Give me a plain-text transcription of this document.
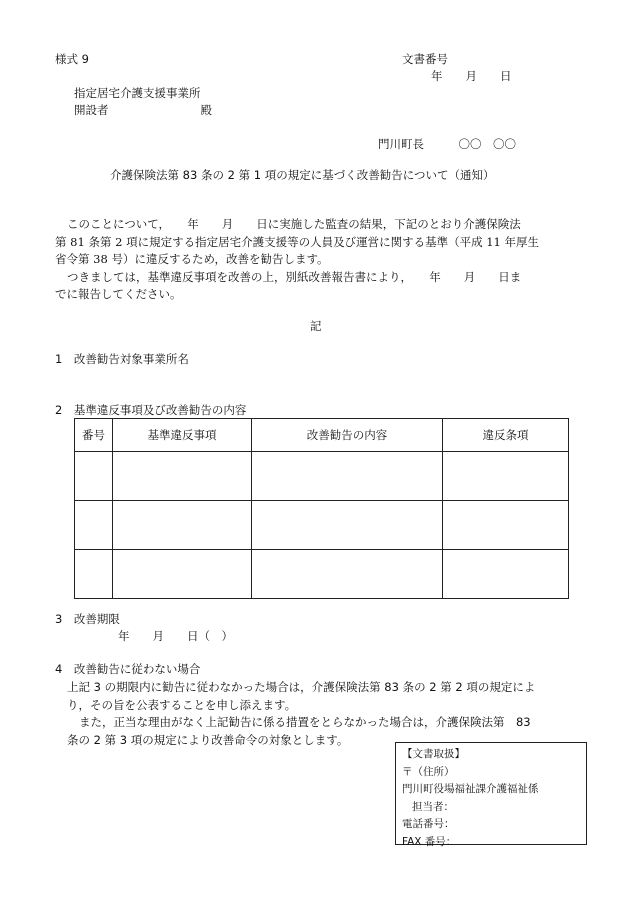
様式 9	文書番号
年　　月　　日
指定居宅介護支援事業所
開設者　　　　　　　　殿
門川町長　　　〇〇　〇〇
介護保険法第 83 条の 2 第 1 項の規定に基づく改善勧告について（通知）
このことについて，　　年　　月　　日に実施した監査の結果，下記のとおり介護保険法
第 81 条第 2 項に規定する指定居宅介護支援等の人員及び運営に関する基準（平成 11 年厚生
省令第 38 号）に違反するため，改善を勧告します。
つきましては，基準違反事項を改善の上，別紙改善報告書により，　　年　　月　　日ま
でに報告してください。
記
1　改善勧告対象事業所名
2　基準違反事項及び改善勧告の内容
番号	基準違反事項	改善勧告の内容	違反条項

3　改善期限
年　　月　　日（　）
4　改善勧告に従わない場合
上記 3 の期限内に勧告に従わなかった場合は，介護保険法第 83 条の 2 第 2 項の規定によ
り，その旨を公表することを申し添えます。
また，正当な理由がなく上記勧告に係る措置をとらなかった場合は，介護保険法第　83
条の 2 第 3 項の規定により改善命令の対象とします。
【文書取扱】
〒（住所）
門川町役場福祉課介護福祉係
担当者：
電話番号：
FAX 番号：
